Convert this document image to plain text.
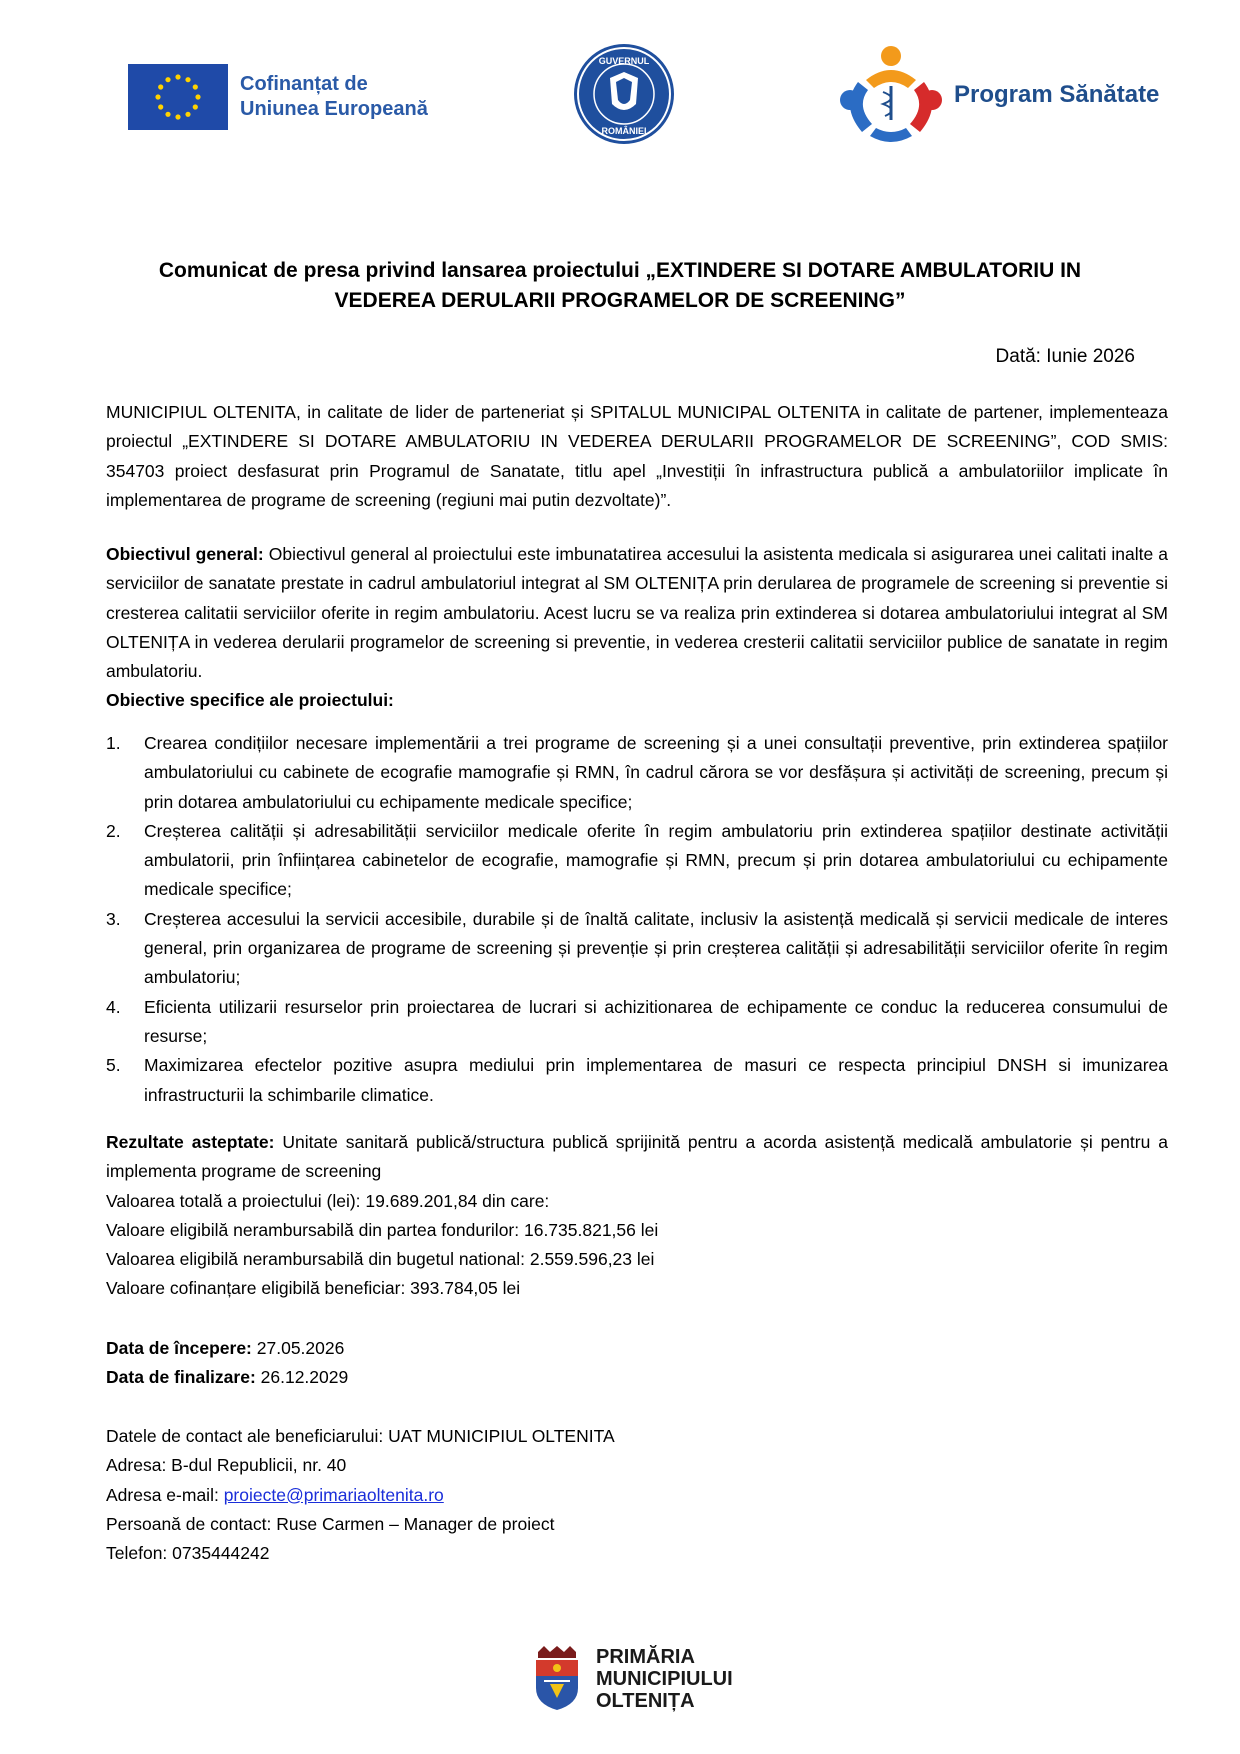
Cofinanțat de
Uniunea Europeană
GUVERNUL
ROMÂNIEI
Program Sănătate
Comunicat de presa privind lansarea proiectului „EXTINDERE SI DOTARE AMBULATORIU IN VEDEREA DERULARII PROGRAMELOR DE SCREENING”
Dată: Iunie 2026
MUNICIPIUL OLTENITA, in calitate de lider de parteneriat și SPITALUL MUNICIPAL OLTENITA in calitate de partener, implementeaza proiectul „EXTINDERE SI DOTARE AMBULATORIU IN VEDEREA DERULARII PROGRAMELOR DE SCREENING”, COD SMIS: 354703 proiect desfasurat prin Programul de Sanatate, titlu apel „Investiții în infrastructura publică a ambulatoriilor implicate în implementarea de programe de screening (regiuni mai putin dezvoltate)”.
Obiectivul general: Obiectivul general al proiectului este imbunatatirea accesului la asistenta medicala si asigurarea unei calitati inalte a serviciilor de sanatate prestate in cadrul ambulatoriul integrat al SM OLTENIȚA prin derularea de programele de screening si preventie si cresterea calitatii serviciilor oferite in regim ambulatoriu. Acest lucru se va realiza prin extinderea si dotarea ambulatoriului integrat al SM OLTENIȚA in vederea derularii programelor de screening si preventie, in vederea cresterii calitatii serviciilor publice de sanatate in regim ambulatoriu.
Obiective specifice ale proiectului:
1. Crearea condițiilor necesare implementării a trei programe de screening și a unei consultații preventive, prin extinderea spațiilor ambulatoriului cu cabinete de ecografie mamografie și RMN, în cadrul cărora se vor desfășura și activități de screening, precum și prin dotarea ambulatoriului cu echipamente medicale specifice;
2. Creșterea calității și adresabilității serviciilor medicale oferite în regim ambulatoriu prin extinderea spațiilor destinate activității ambulatorii, prin înființarea cabinetelor de ecografie, mamografie și RMN, precum și prin dotarea ambulatoriului cu echipamente medicale specifice;
3. Creșterea accesului la servicii accesibile, durabile și de înaltă calitate, inclusiv la asistență medicală și servicii medicale de interes general, prin organizarea de programe de screening și prevenție și prin creșterea calității și adresabilității serviciilor oferite în regim ambulatoriu;
4. Eficienta utilizarii resurselor prin proiectarea de lucrari si achizitionarea de echipamente ce conduc la reducerea consumului de resurse;
5. Maximizarea efectelor pozitive asupra mediului prin implementarea de masuri ce respecta principiul DNSH si imunizarea infrastructurii la schimbarile climatice.
Rezultate asteptate: Unitate sanitară publică/structura publică sprijinită pentru a acorda asistență medicală ambulatorie și pentru a implementa programe de screening
Valoarea totală a proiectului (lei): 19.689.201,84 din care:
Valoare eligibilă nerambursabilă din partea fondurilor: 16.735.821,56 lei
Valoarea eligibilă nerambursabilă din bugetul national: 2.559.596,23 lei
Valoare cofinanțare eligibilă beneficiar: 393.784,05 lei
Data de începere: 27.05.2026
Data de finalizare: 26.12.2029
Datele de contact ale beneficiarului: UAT MUNICIPIUL OLTENITA
Adresa: B-dul Republicii, nr. 40
Adresa e-mail: proiecte@primariaoltenita.ro
Persoană de contact: Ruse Carmen – Manager de proiect
Telefon: 0735444242
PRIMĂRIA
MUNICIPIULUI
OLTENIȚA
